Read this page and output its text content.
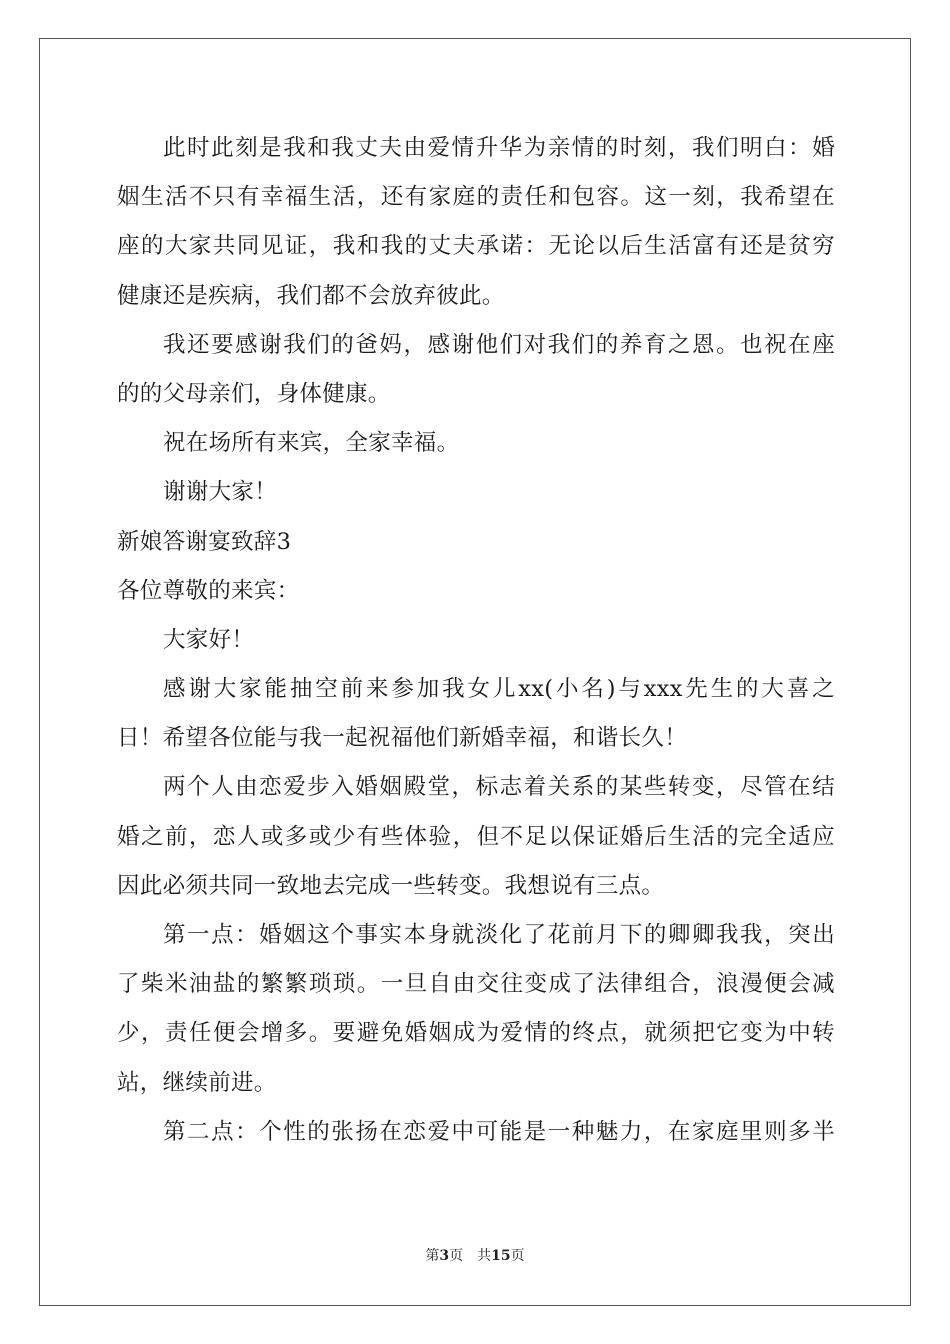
此时此刻是我和我丈夫由爱情升华为亲情的时刻，我们明白：婚
姻生活不只有幸福生活，还有家庭的责任和包容。这一刻，我希望在
座的大家共同见证，我和我的丈夫承诺：无论以后生活富有还是贫穷
健康还是疾病，我们都不会放弃彼此。
我还要感谢我们的爸妈，感谢他们对我们的养育之恩。也祝在座
的的父母亲们，身体健康。
祝在场所有来宾，全家幸福。
谢谢大家！
新娘答谢宴致辞3
各位尊敬的来宾：
大家好！
感谢大家能抽空前来参加我女儿xx(小名)与xxx先生的大喜之
日！希望各位能与我一起祝福他们新婚幸福，和谐长久！
两个人由恋爱步入婚姻殿堂，标志着关系的某些转变，尽管在结
婚之前，恋人或多或少有些体验，但不足以保证婚后生活的完全适应
因此必须共同一致地去完成一些转变。我想说有三点。
第一点：婚姻这个事实本身就淡化了花前月下的卿卿我我，突出
了柴米油盐的繁繁琐琐。一旦自由交往变成了法律组合，浪漫便会减
少，责任便会增多。要避免婚姻成为爱情的终点，就须把它变为中转
站，继续前进。
第二点：个性的张扬在恋爱中可能是一种魅力，在家庭里则多半
第3页 共15页
